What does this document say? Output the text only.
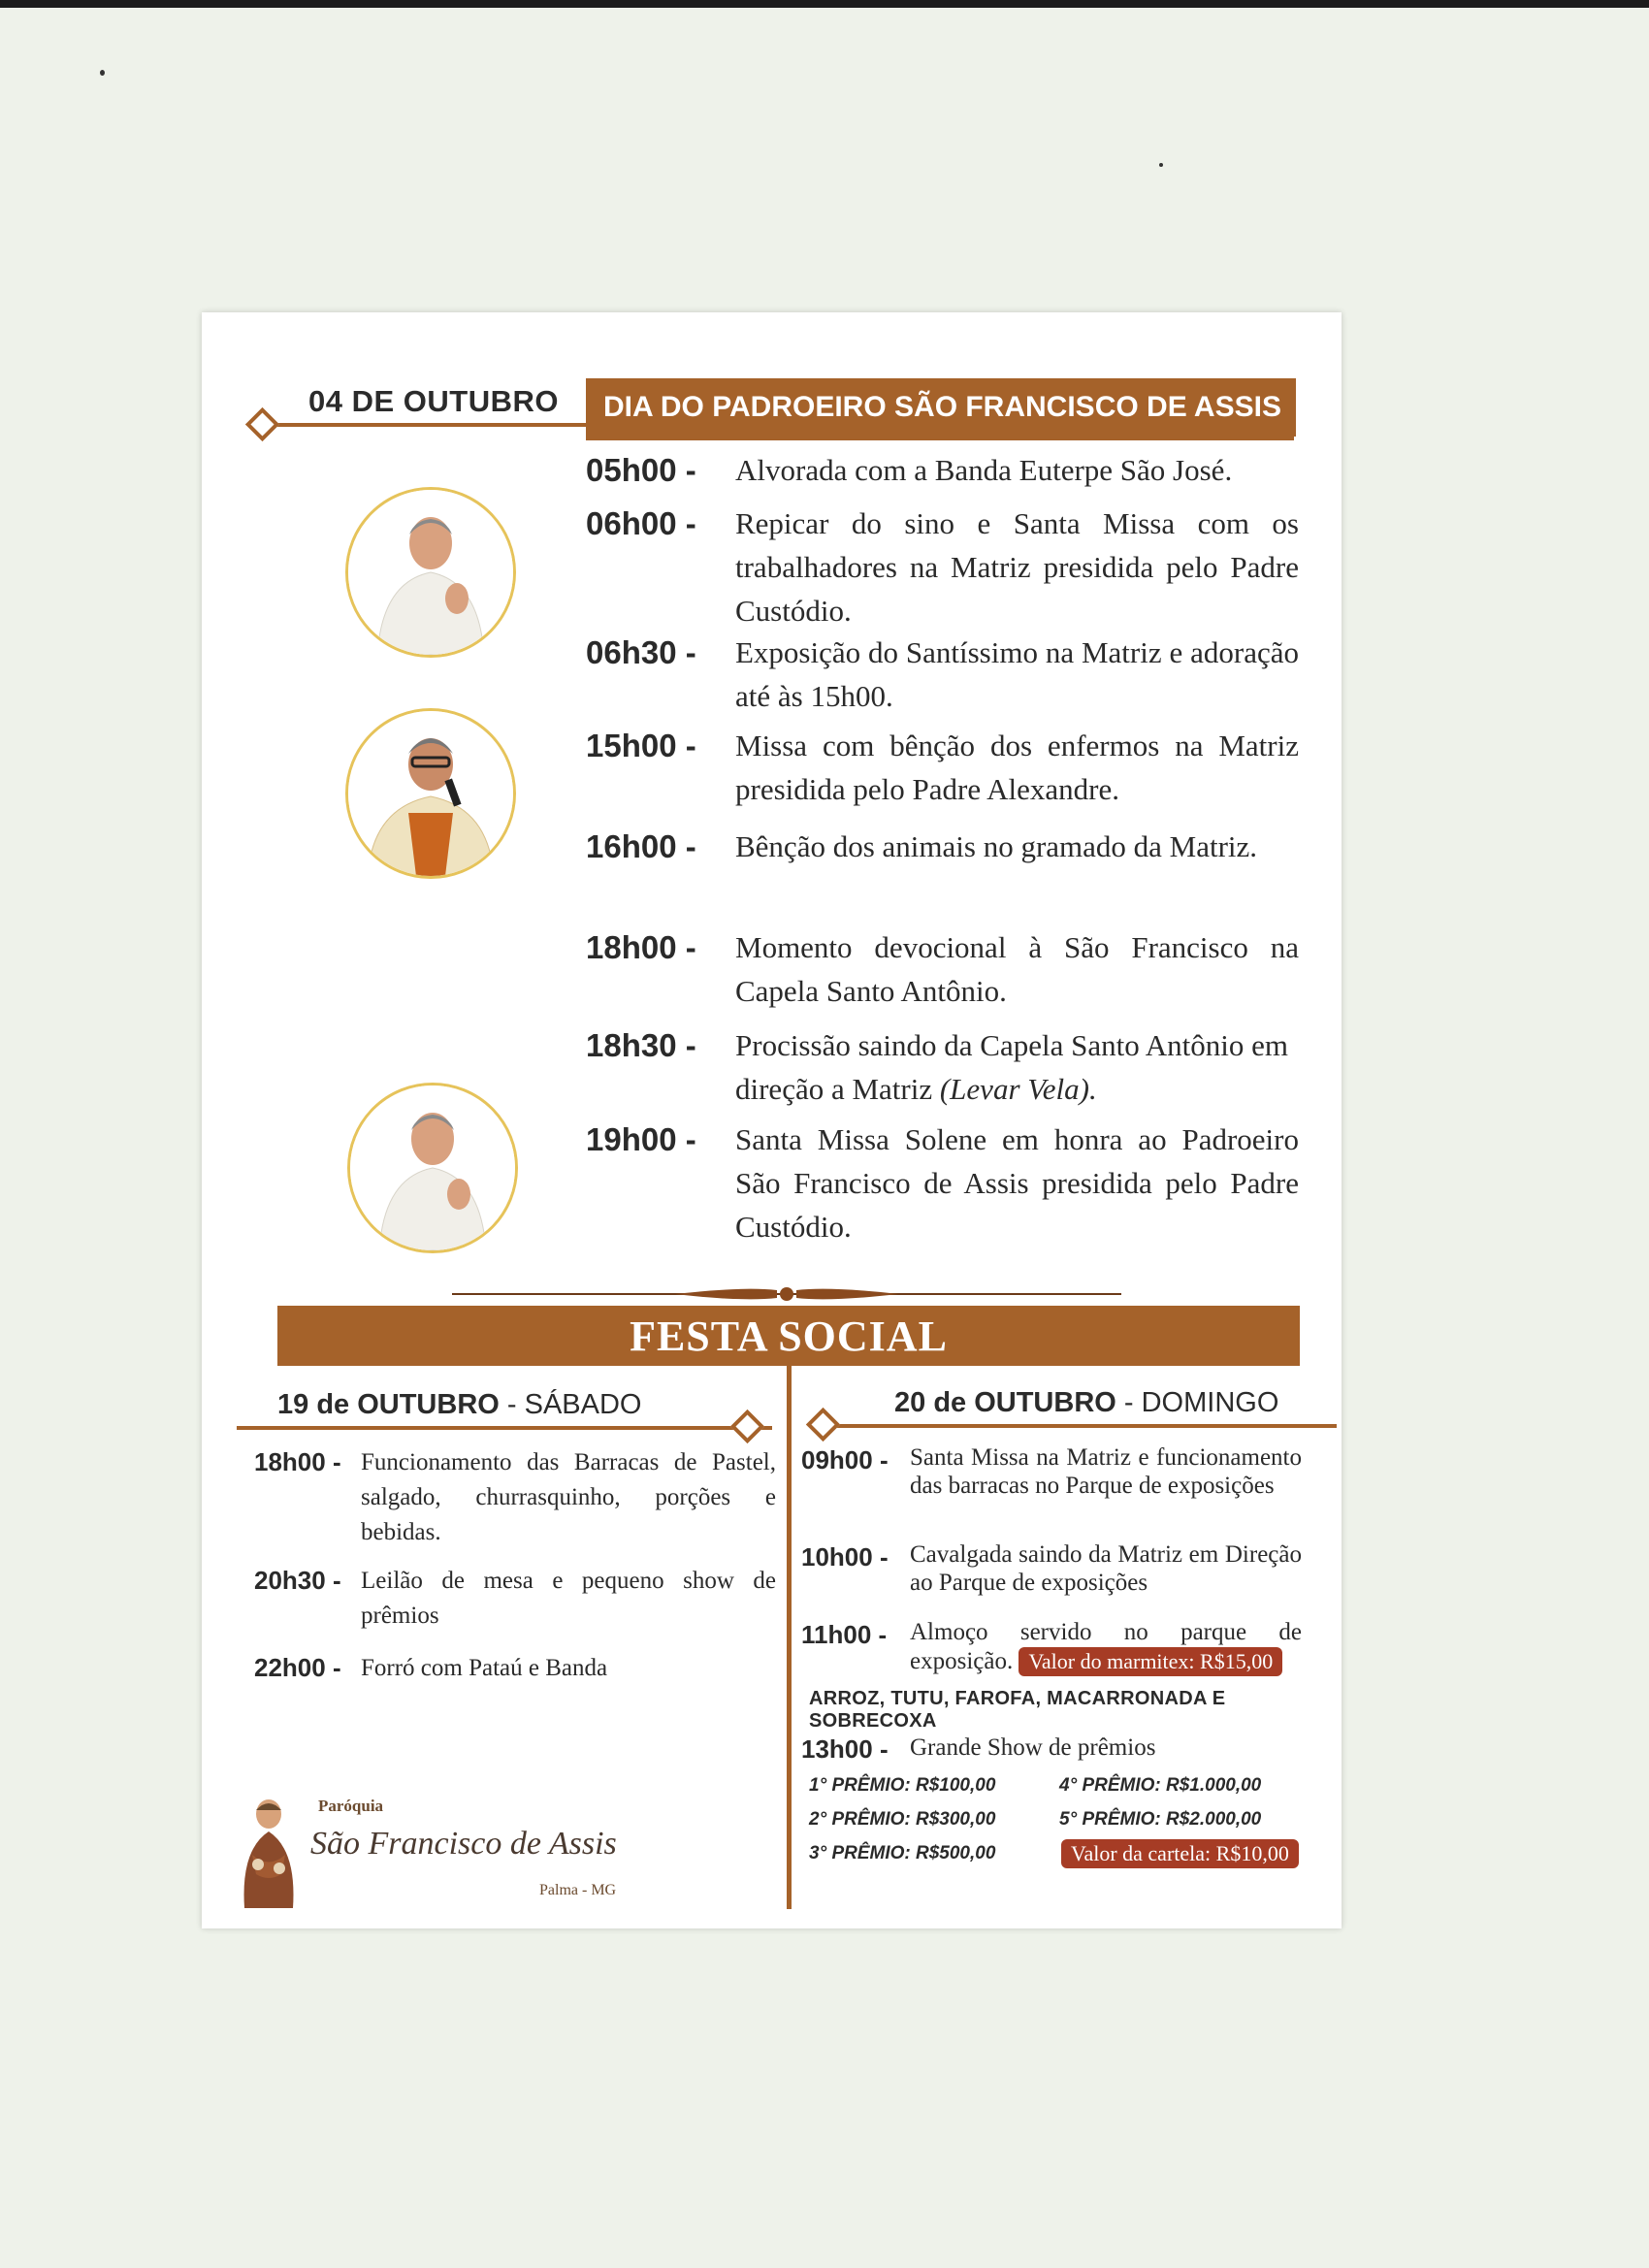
04 DE OUTUBRO	DIA DO PADROEIRO SÃO FRANCISCO DE ASSIS
05h00 -	Alvorada com a Banda Euterpe São José.
06h00 -	Repicar do sino e Santa Missa com os trabalhadores na Matriz presidida pelo Padre Custódio.
06h30 -	Exposição do Santíssimo na Matriz e adoração até às 15h00.
15h00 -	Missa com bênção dos enfermos na Matriz presidida pelo Padre Alexandre.
16h00 -	Bênção dos animais no gramado da Matriz.
18h00 -	Momento devocional à São Francisco na Capela Santo Antônio.
18h30 -	Procissão saindo da Capela Santo Antônio em direção a Matriz (Levar Vela).
19h00 -	Santa Missa Solene em honra ao Padroeiro São Francisco de Assis presidida pelo Padre Custódio.
FESTA SOCIAL
19 de OUTUBRO - SÁBADO
18h00 - Funcionamento das Barracas de Pastel, salgado, churrasquinho, porções e bebidas.
20h30 - Leilão de mesa e pequeno show de prêmios
22h00 - Forró com Pataú e Banda
20 de OUTUBRO - DOMINGO
09h00 - Santa Missa na Matriz e funcionamento das barracas no Parque de exposições
10h00 - Cavalgada saindo da Matriz em Direção ao Parque de exposições
11h00 - Almoço servido no parque de exposição. Valor do marmitex: R$15,00
ARROZ, TUTU, FAROFA, MACARRONADA E SOBRECOXA
13h00 - Grande Show de prêmios
1° PRÊMIO: R$100,00
2° PRÊMIO: R$300,00
3° PRÊMIO: R$500,00
4° PRÊMIO: R$1.000,00
5° PRÊMIO: R$2.000,00
Valor da cartela: R$10,00
Paróquia
São Francisco de Assis
Palma - MG
